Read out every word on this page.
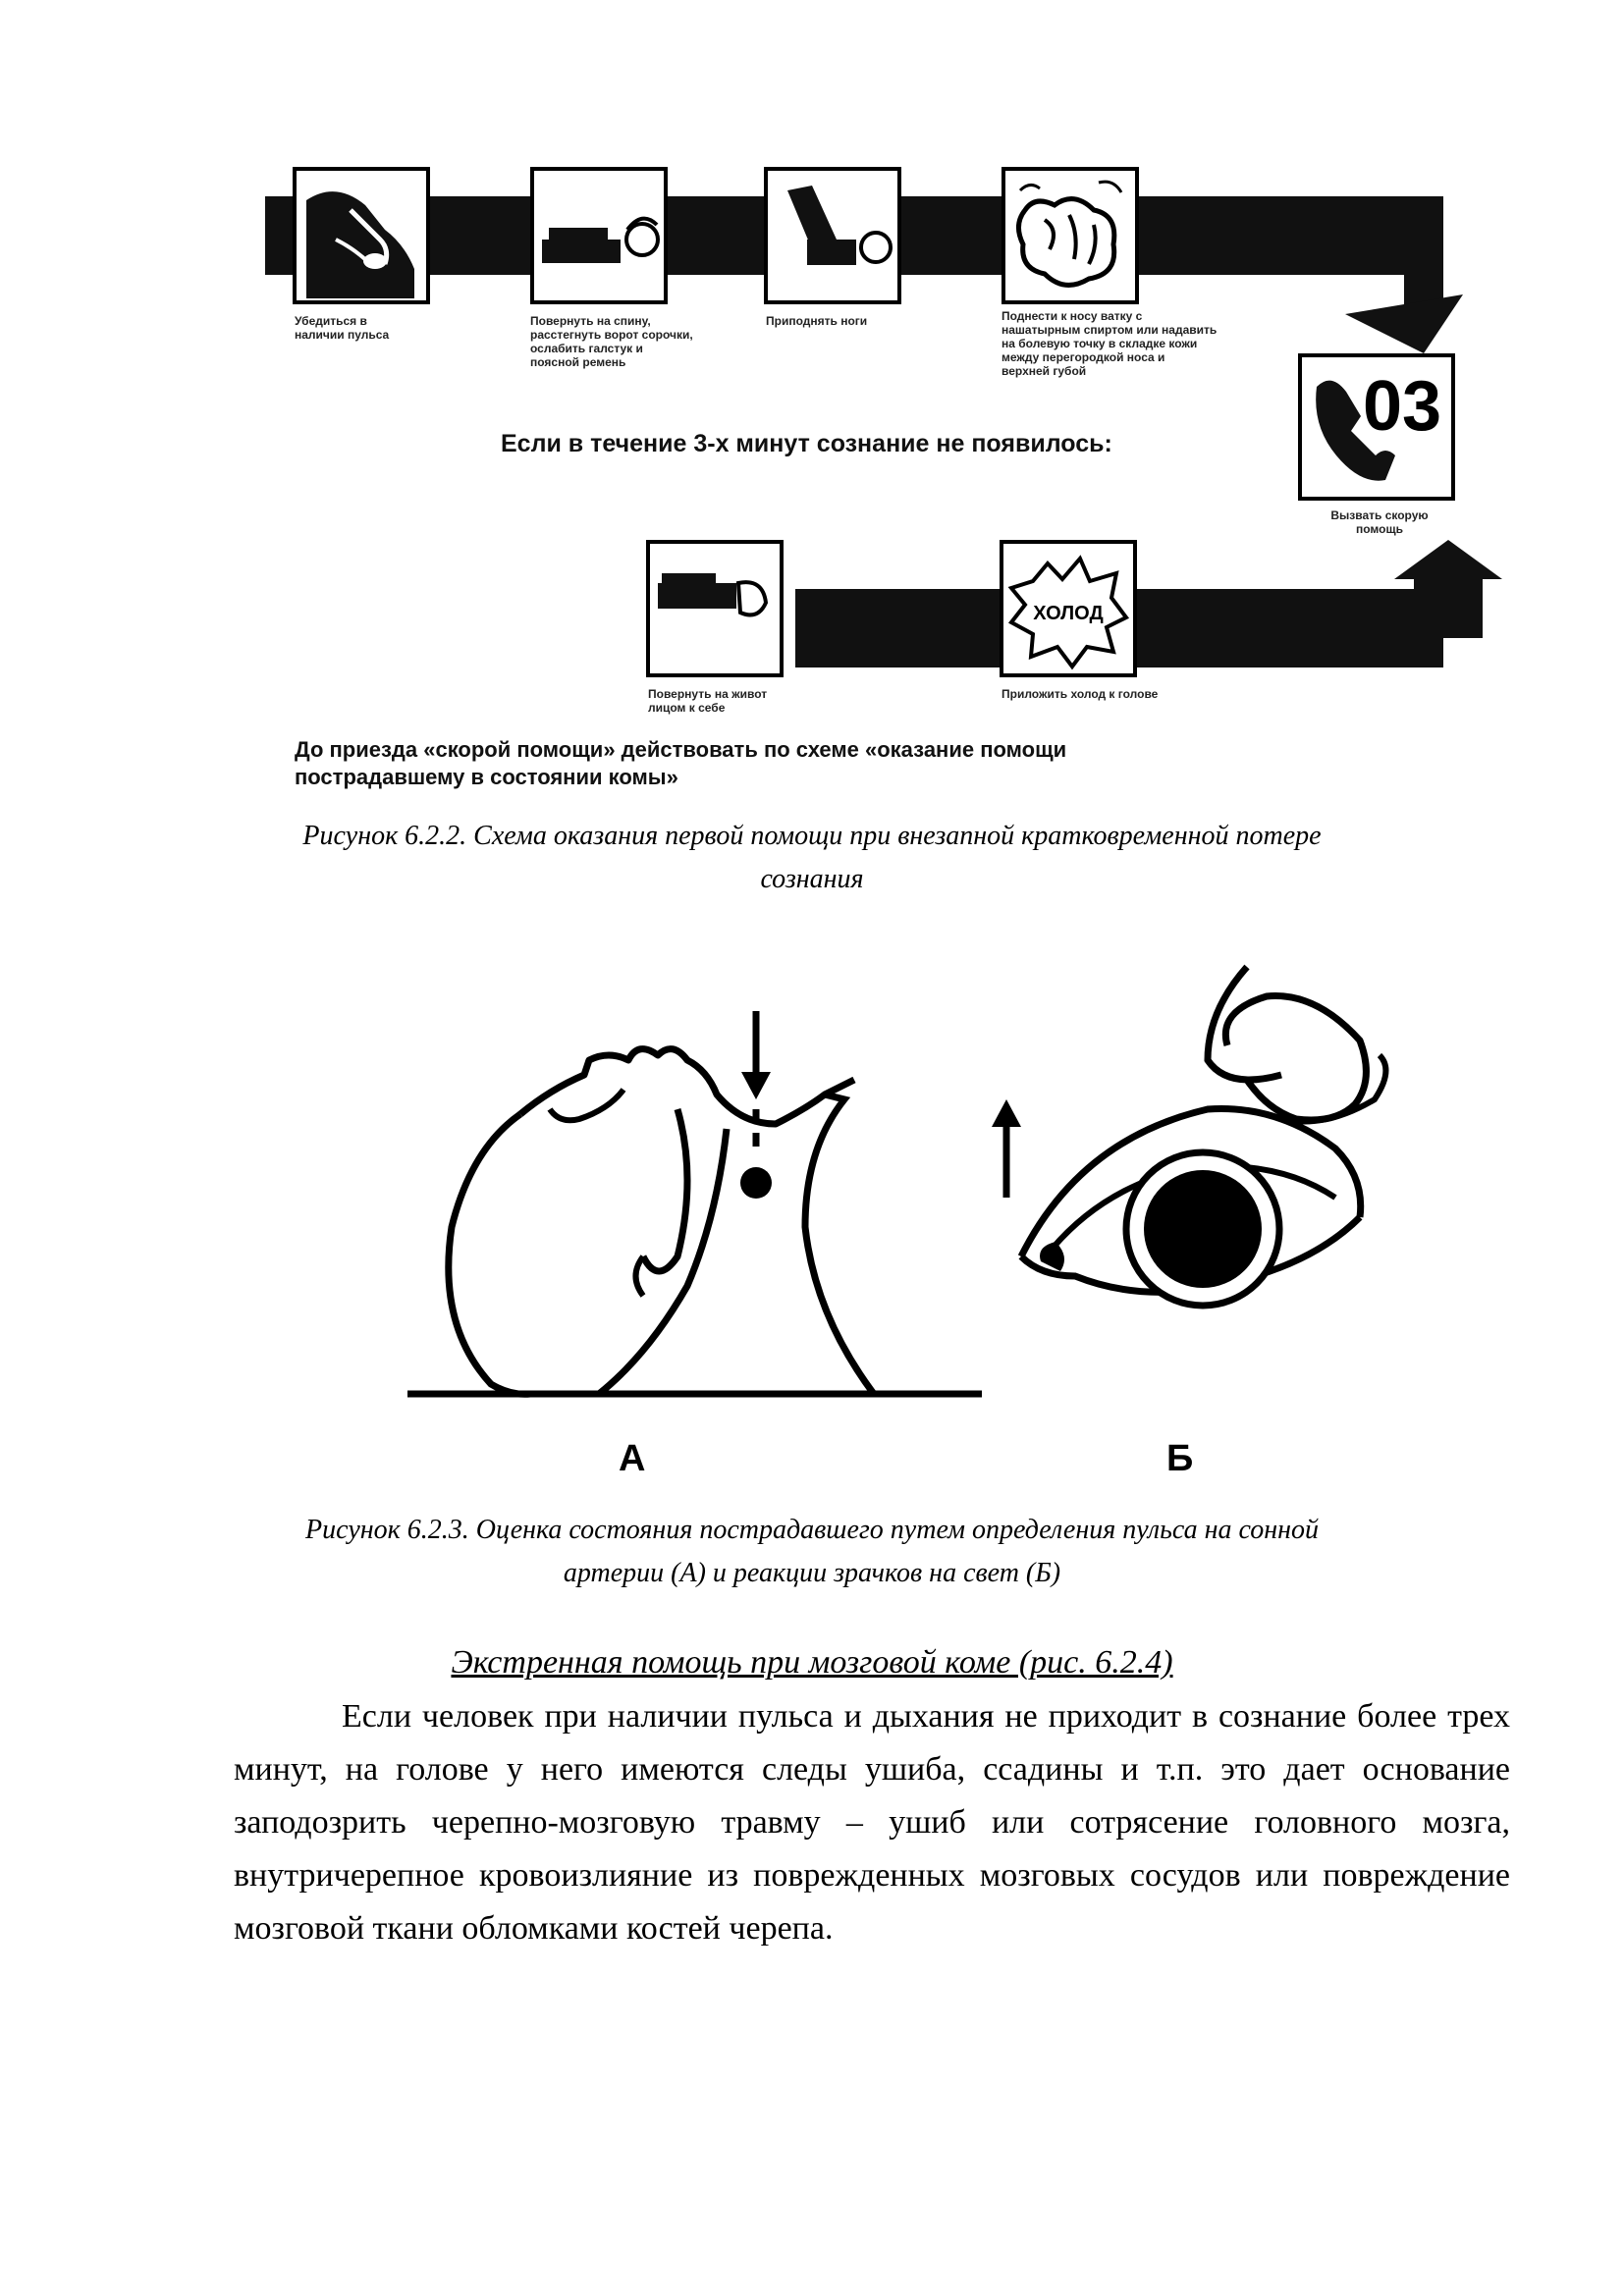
Убедиться в
наличии пульса
Повернуть на спину,
расстегнуть ворот сорочки,
ослабить галстук и
поясной ремень
Приподнять ноги	Поднести к носу ватку с
нашатырным спиртом или надавить
на болевую точку в складке кожи
между перегородкой носа и
верхней губой	03
Вызвать скорую
помощь
Если в течение 3-х минут сознание не появилось:
Повернуть на живот
лицом к себе
ХОЛОД
Приложить холод к голове
До приезда «скорой помощи» действовать по схеме «оказание помощи
пострадавшему в состоянии комы»
Рисунок 6.2.2. Схема оказания первой помощи при внезапной кратковременной потере
сознания
А	Б
Рисунок 6.2.3. Оценка состояния пострадавшего путем определения пульса на сонной
артерии (А) и реакции зрачков на свет (Б)
Экстренная помощь при мозговой коме (рис. 6.2.4)
Если человек при наличии пульса и дыхания не приходит в сознание более трех минут, на голове у него имеются следы ушиба, ссадины и т.п. это дает основание заподозрить черепно-мозговую травму – ушиб или сотрясение головного мозга, внутричерепное кровоизлияние из поврежденных мозговых сосудов или повреждение мозговой ткани обломками костей черепа.
